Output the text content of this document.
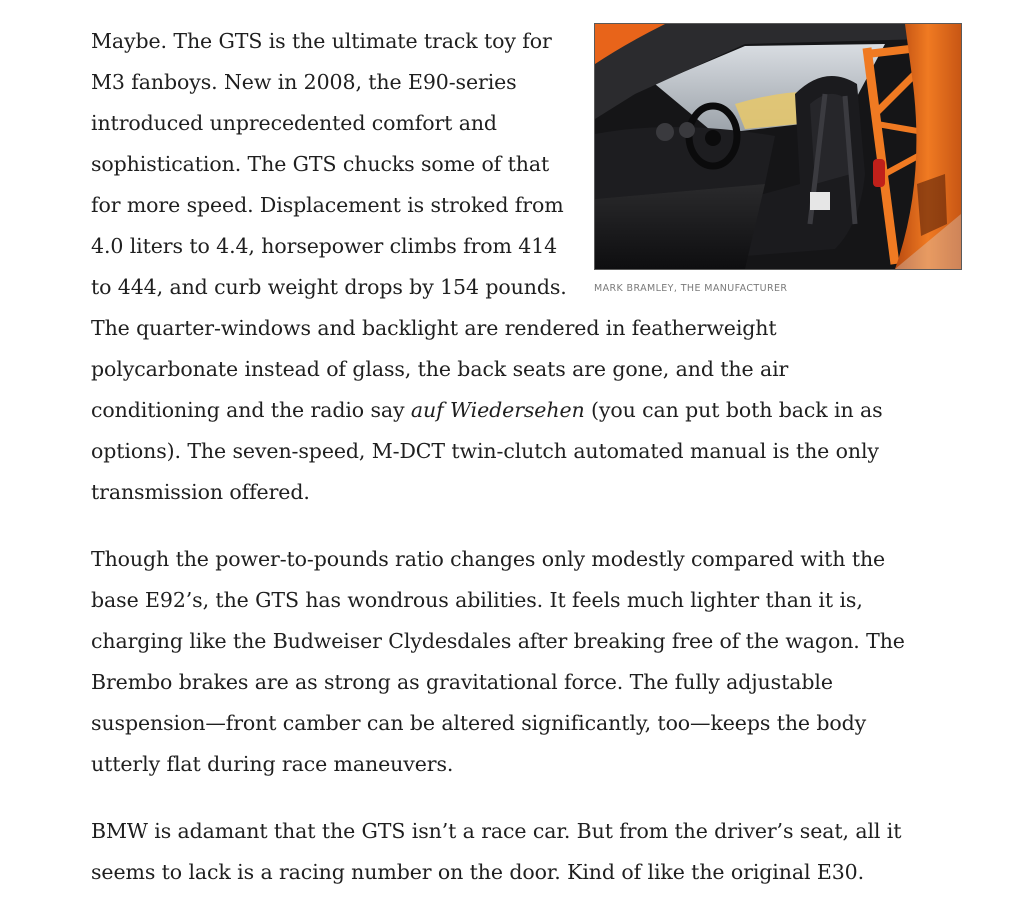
MARK BRAMLEY, THE MANUFACTURER

Maybe. The GTS is the ultimate track toy for M3 fanboys. New in 2008, the E90-series introduced unprecedented comfort and sophistication. The GTS chucks some of that for more speed. Displacement is stroked from 4.0 liters to 4.4, horsepower climbs from 414 to 444, and curb weight drops by 154 pounds. The quarter-windows and backlight are rendered in featherweight polycarbonate instead of glass, the back seats are gone, and the air conditioning and the radio say auf Wiedersehen (you can put both back in as options). The seven-speed, M-DCT twin-clutch automated manual is the only transmission offered.

Though the power-to-pounds ratio changes only modestly compared with the base E92’s, the GTS has wondrous abilities. It feels much lighter than it is, charging like the Budweiser Clydesdales after breaking free of the wagon. The Brembo brakes are as strong as gravitational force. The fully adjustable suspension—front camber can be altered significantly, too—keeps the body utterly flat during race maneuvers.

BMW is adamant that the GTS isn’t a race car. But from the driver’s seat, all it seems to lack is a racing number on the door. Kind of like the original E30.
